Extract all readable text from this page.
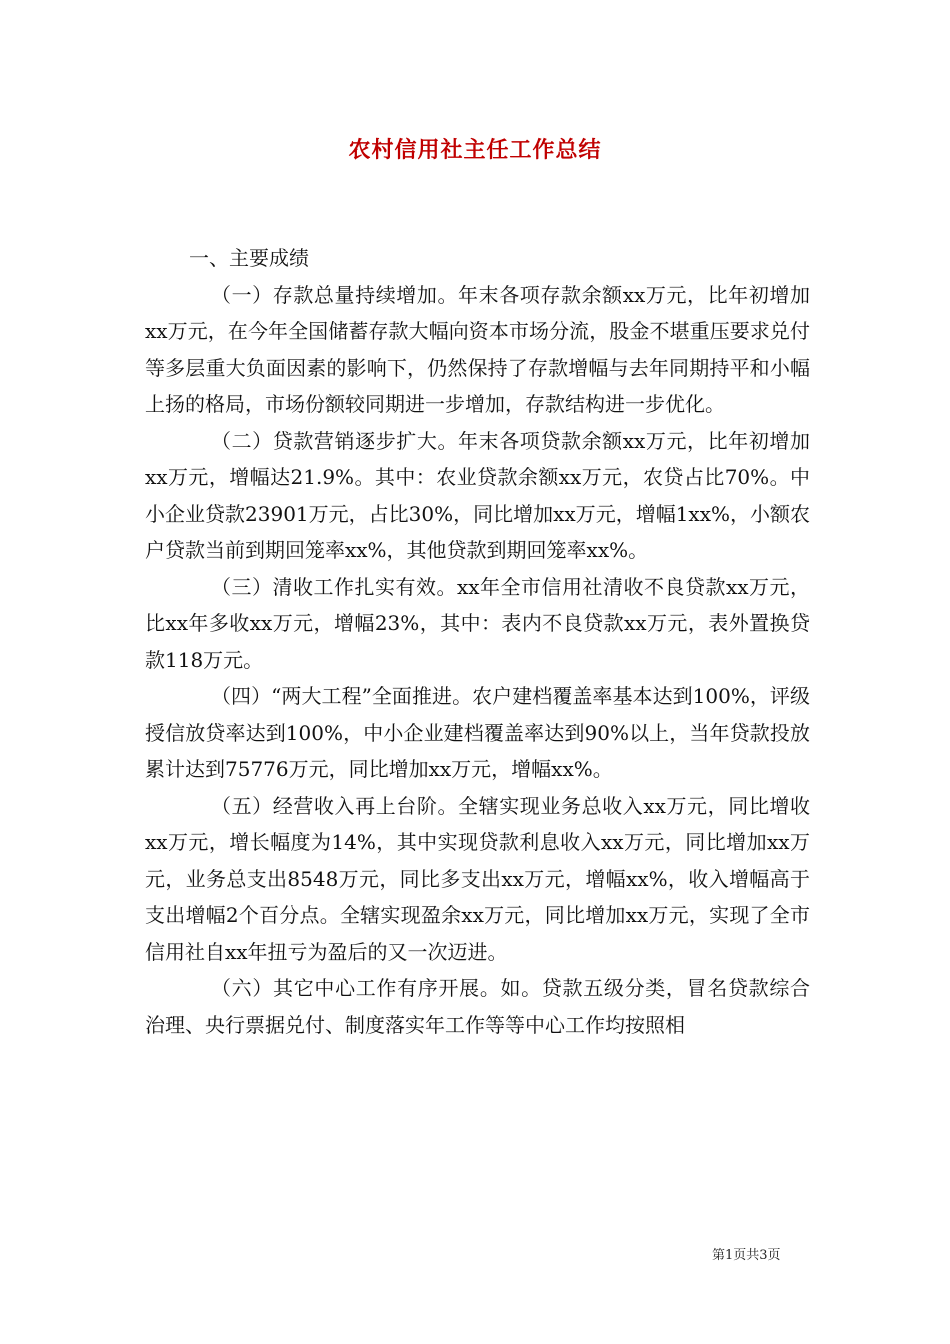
农村信用社主任工作总结

一、主要成绩

（一）存款总量持续增加。年末各项存款余额xx万元，比年初增加xx万元，在今年全国储蓄存款大幅向资本市场分流，股金不堪重压要求兑付等多层重大负面因素的影响下，仍然保持了存款增幅与去年同期持平和小幅上扬的格局，市场份额较同期进一步增加，存款结构进一步优化。

（二）贷款营销逐步扩大。年末各项贷款余额xx万元，比年初增加xx万元，增幅达21.9%。其中：农业贷款余额xx万元，农贷占比70%。中小企业贷款23901万元，占比30%，同比增加xx万元，增幅1xx%，小额农户贷款当前到期回笼率xx%，其他贷款到期回笼率xx%。

（三）清收工作扎实有效。xx年全市信用社清收不良贷款xx万元，比xx年多收xx万元，增幅23%，其中：表内不良贷款xx万元，表外置换贷款118万元。

（四）“两大工程”全面推进。农户建档覆盖率基本达到100%，评级授信放贷率达到100%，中小企业建档覆盖率达到90%以上，当年贷款投放累计达到75776万元，同比增加xx万元，增幅xx%。

（五）经营收入再上台阶。全辖实现业务总收入xx万元，同比增收xx万元，增长幅度为14%，其中实现贷款利息收入xx万元，同比增加xx万元，业务总支出8548万元，同比多支出xx万元，增幅xx%，收入增幅高于支出增幅2个百分点。全辖实现盈余xx万元，同比增加xx万元，实现了全市信用社自xx年扭亏为盈后的又一次迈进。

（六）其它中心工作有序开展。如。贷款五级分类，冒名贷款综合治理、央行票据兑付、制度落实年工作等等中心工作均按照相

第1页共3页
